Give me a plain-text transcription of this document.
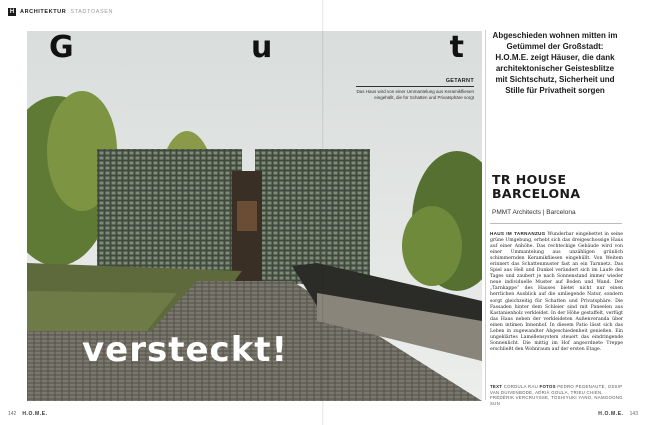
H	ARCHITEKTUR STADTOASEN
G	u	t
versteckt!
GETARNT
Das Haus wird von einer Ummantelung aus Keramikfliesen eingehüllt, die für Schatten und Privatsphäre sorgt
Abgeschieden wohnen mitten im Getümmel der Großstadt: H.O.M.E. zeigt Häuser, die dank architektonischer Geistesblitze mit Sichtschutz, Sicherheit und Stille für Privatheit sorgen
TR HOUSE
BARCELONA
PMMT Architects | Barcelona
HAUS IM TARNANZUG Wunderbar eingebettet in seine grüne Umgebung, erhebt sich das dreigeschossige Haus auf einer Anhöhe. Das rechteckige Gebäude wird von einer Ummantelung aus unzähligen grünlich schimmernden Keramikfliesen eingehüllt. Von Weitem erinnert das Schattenmuster fast an ein Tarnnetz. Das Spiel aus Hell und Dunkel verändert sich im Laufe des Tages und zaubert je nach Sonnenstand immer wieder neue individuelle Muster auf Boden und Wand. Der „Tarnkappe“ des Hauses bietet nicht nur einen herrlichen Ausblick auf die umliegende Natur, sondern sorgt gleichzeitig für Schatten und Privatsphäre. Die Fassaden hinter dem Schleier sind mit Paneelen aus Kastanienholz verkleidet. In der Höhe gestaffelt, verfügt das Haus neben der verkleideten Außenveranda über einen intimen Innenhof. In diesem Patio lässt sich das Leben in zugewandter Abgeschiedenheit genießen. Ein ungeklärtes Lamellensystem steuert das eindringende Sonnenlicht. Die mittig im Hof angeordnete Treppe erschließt den Wohnraum auf der ersten Etage.
TEXT CORDULA RAU FOTOS PEDRO PEGENAUTE, OSSIP VAN DUIVENBODE, ADRIÀ GOULA, TRIEU CHIEN, FRÉDÉRIK VERCRUYSSE, TOSHIYUKI YANO, NAMGOONG SUN
142 H.O.M.E.	H.O.M.E. 143
